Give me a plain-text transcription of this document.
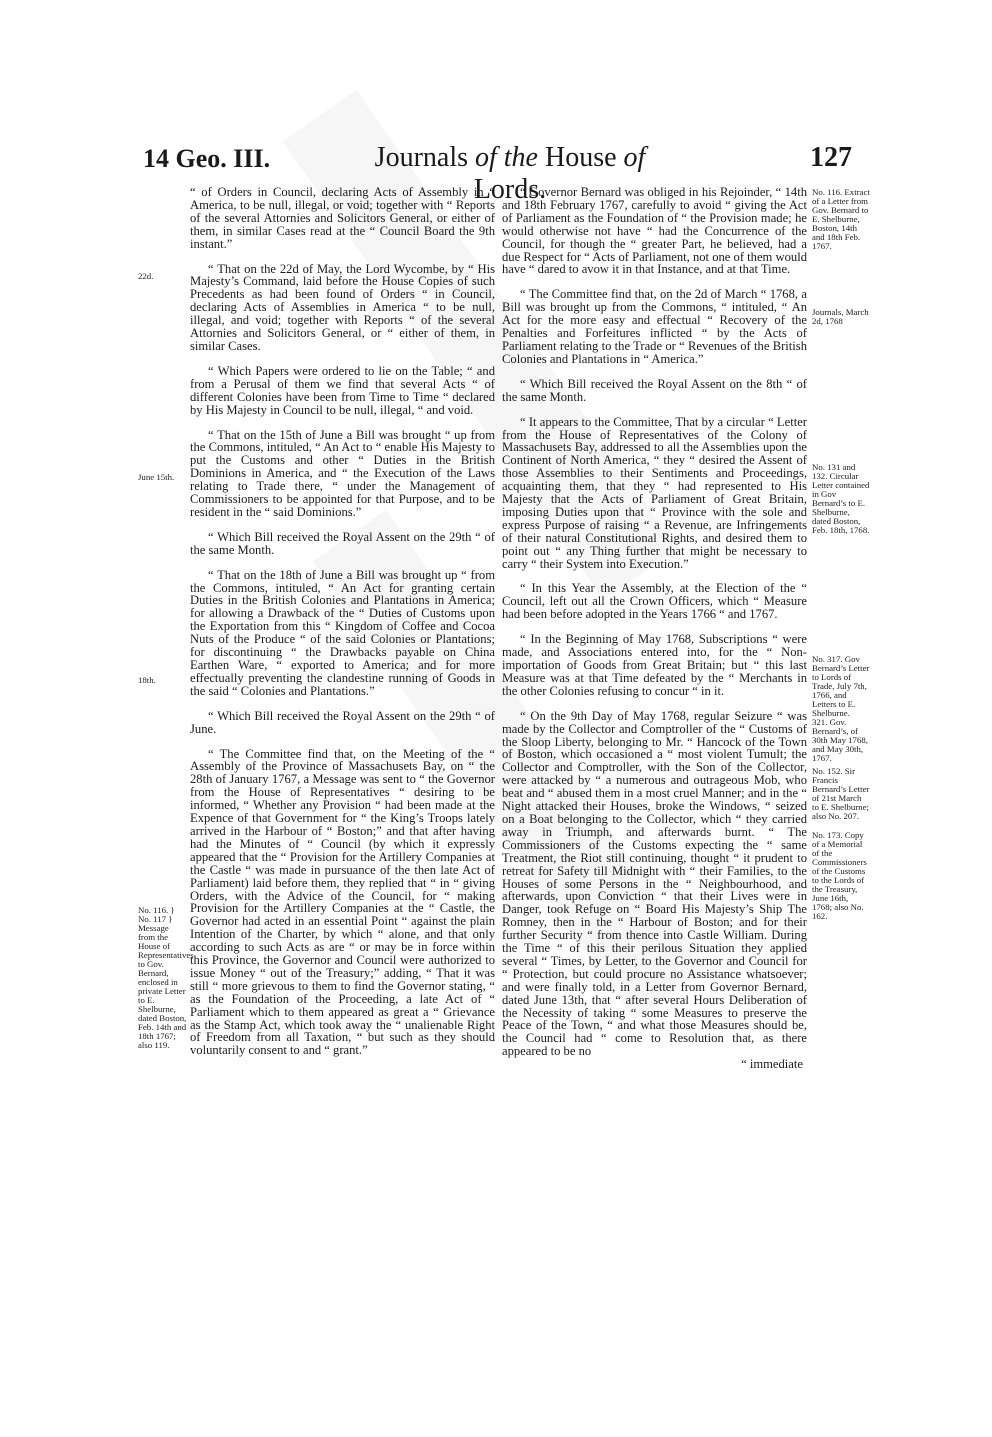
14 Geo. III.	Journals of the House of Lords.
127
22d.
June 15th.
18th.
No. 116. } No. 117 } Message from the House of Representatives to Gov. Bernard, enclosed in private Letter to E. Shelburne, dated Boston, Feb. 14th and 18th 1767; also 119.
No. 116. Extract of a Letter from Gov. Bernard to E. Shelburne, Boston, 14th and 18th Feb. 1767.
Journals, March 2d, 1768
No. 131 and 132. Circular Letter contained in Gov Bernard’s to E. Shelburne, dated Boston, Feb. 18th, 1768.
No. 317. Gov Bernard’s Letter to Lords of Trade, July 7th, 1766, and Letters to E. Shelburne.
321. Gov. Bernard’s, of 30th May 1768, and May 30th, 1767.
No. 152. Sir Francis Bernard’s Letter of 21st March to E. Shelburne; also No. 207.
No. 173. Copy of a Memorial of the Commissioners of the Customs to the Lords of the Treasury, June 16th, 1768; also No. 162.

“ of Orders in Council, declaring Acts of Assembly in “ America, to be null, illegal, or void; together with “ Reports of the several Attornies and Solicitors General, or either of them, in similar Cases read at the “ Council Board the 9th instant.”

“ That on the 22d of May, the Lord Wycombe, by “ His Majesty’s Command, laid before the House Copies of such Precedents as had been found of Orders “ in Council, declaring Acts of Assemblies in America “ to be null, illegal, and void; together with Reports “ of the several Attornies and Solicitors General, or “ either of them, in similar Cases.

“ Which Papers were ordered to lie on the Table; “ and from a Perusal of them we find that several Acts “ of different Colonies have been from Time to Time “ declared by His Majesty in Council to be null, illegal, “ and void.

“ That on the 15th of June a Bill was brought “ up from the Commons, intituled, “ An Act to “ enable His Majesty to put the Customs and other “ Duties in the British Dominions in America, and “ the Execution of the Laws relating to Trade there, “ under the Management of Commissioners to be appointed for that Purpose, and to be resident in the “ said Dominions.”

“ Which Bill received the Royal Assent on the 29th “ of the same Month.

“ That on the 18th of June a Bill was brought up “ from the Commons, intituled, “ An Act for granting certain Duties in the British Colonies and Plantations in America; for allowing a Drawback of the “ Duties of Customs upon the Exportation from this “ Kingdom of Coffee and Cocoa Nuts of the Produce “ of the said Colonies or Plantations; for discontinuing “ the Drawbacks payable on China Earthen Ware, “ exported to America; and for more effectually preventing the clandestine running of Goods in the said “ Colonies and Plantations.”

“ Which Bill received the Royal Assent on the 29th “ of June.

“ The Committee find that, on the Meeting of the “ Assembly of the Province of Massachusets Bay, on “ the 28th of January 1767, a Message was sent to “ the Governor from the House of Representatives “ desiring to be informed, “ Whether any Provision “ had been made at the Expence of that Government for “ the King’s Troops lately arrived in the Harbour of “ Boston;” and that after having had the Minutes of “ Council (by which it expressly appeared that the “ Provision for the Artillery Companies at the Castle “ was made in pursuance of the then late Act of Parliament) laid before them, they replied that “ in “ giving Orders, with the Advice of the Council, for “ making Provision for the Artillery Companies at the “ Castle, the Governor had acted in an essential Point “ against the plain Intention of the Charter, by which “ alone, and that only according to such Acts as are “ or may be in force within this Province, the Governor and Council were authorized to issue Money “ out of the Treasury;” adding, “ That it was still “ more grievous to them to find the Governor stating, “ as the Foundation of the Proceeding, a late Act of “ Parliament which to them appeared as great a “ Grievance as the Stamp Act, which took away the “ unalienable Right of Freedom from all Taxation, “ but such as they should voluntarily consent to and “ grant.”

“ Governor Bernard was obliged in his Rejoinder, “ 14th and 18th February 1767, carefully to avoid “ giving the Act of Parliament as the Foundation of “ the Provision made; he would otherwise not have “ had the Concurrence of the Council, for though the “ greater Part, he believed, had a due Respect for “ Acts of Parliament, not one of them would have “ dared to avow it in that Instance, and at that Time.

“ The Committee find that, on the 2d of March “ 1768, a Bill was brought up from the Commons, “ intituled, “ An Act for the more easy and effectual “ Recovery of the Penalties and Forfeitures inflicted “ by the Acts of Parliament relating to the Trade or “ Revenues of the British Colonies and Plantations in “ America.”

“ Which Bill received the Royal Assent on the 8th “ of the same Month.

“ It appears to the Committee, That by a circular “ Letter from the House of Representatives of the Colony of Massachusets Bay, addressed to all the Assemblies upon the Continent of North America, “ they “ desired the Assent of those Assemblies to their Sentiments and Proceedings, acquainting them, that they “ had represented to His Majesty that the Acts of Parliament of Great Britain, imposing Duties upon that “ Province with the sole and express Purpose of raising “ a Revenue, are Infringements of their natural Constitutional Rights, and desired them to point out “ any Thing further that might be necessary to carry “ their System into Execution.”

“ In this Year the Assembly, at the Election of the “ Council, left out all the Crown Officers, which “ Measure had been before adopted in the Years 1766 “ and 1767.

“ In the Beginning of May 1768, Subscriptions “ were made, and Associations entered into, for the “ Non-importation of Goods from Great Britain; but “ this last Measure was at that Time defeated by the “ Merchants in the other Colonies refusing to concur “ in it.

“ On the 9th Day of May 1768, regular Seizure “ was made by the Collector and Comptroller of the “ Customs of the Sloop Liberty, belonging to Mr. “ Hancock of the Town of Boston, which occasioned a “ most violent Tumult; the Collector and Comptroller, with the Son of the Collector, were attacked by “ a numerous and outrageous Mob, who beat and “ abused them in a most cruel Manner; and in the “ Night attacked their Houses, broke the Windows, “ seized on a Boat belonging to the Collector, which “ they carried away in Triumph, and afterwards burnt. “ The Commissioners of the Customs expecting the “ same Treatment, the Riot still continuing, thought “ it prudent to retreat for Safety till Midnight with “ their Families, to the Houses of some Persons in the “ Neighbourhood, and afterwards, upon Conviction “ that their Lives were in Danger, took Refuge on “ Board His Majesty’s Ship The Romney, then in the “ Harbour of Boston; and for their further Security “ from thence into Castle William. During the Time “ of this their perilous Situation they applied several “ Times, by Letter, to the Governor and Council for “ Protection, but could procure no Assistance whatsoever; and were finally told, in a Letter from Governor Bernard, dated June 13th, that “ after several Hours Deliberation of the Necessity of taking “ some Measures to preserve the Peace of the Town, “ and what those Measures should be, the Council had “ come to Resolution that, as there appeared to be no

“ immediate
